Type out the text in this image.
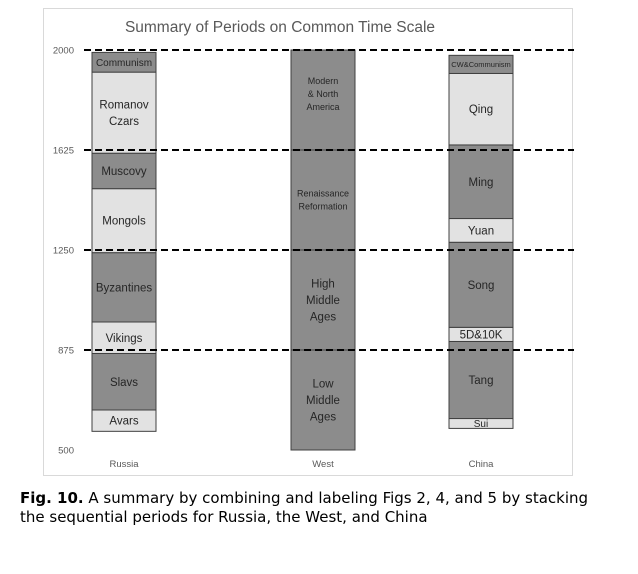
Summary of Periods on Common Time Scale
Avars
Slavs
Vikings
Byzantines
Mongols
Muscovy
Romanov Czars
Communism
Low Middle Ages
High Middle Ages
Renaissance Reformation
Modern & North America
Sui
Tang
5D&10K
Song
Yuan
Ming
Qing
CW&Communism
2000
1625
1250
875
500
Russia	West	China
Fig. 10. A summary by combining and labeling Figs 2, 4, and 5 by stacking the sequential periods for Russia, the West, and China
